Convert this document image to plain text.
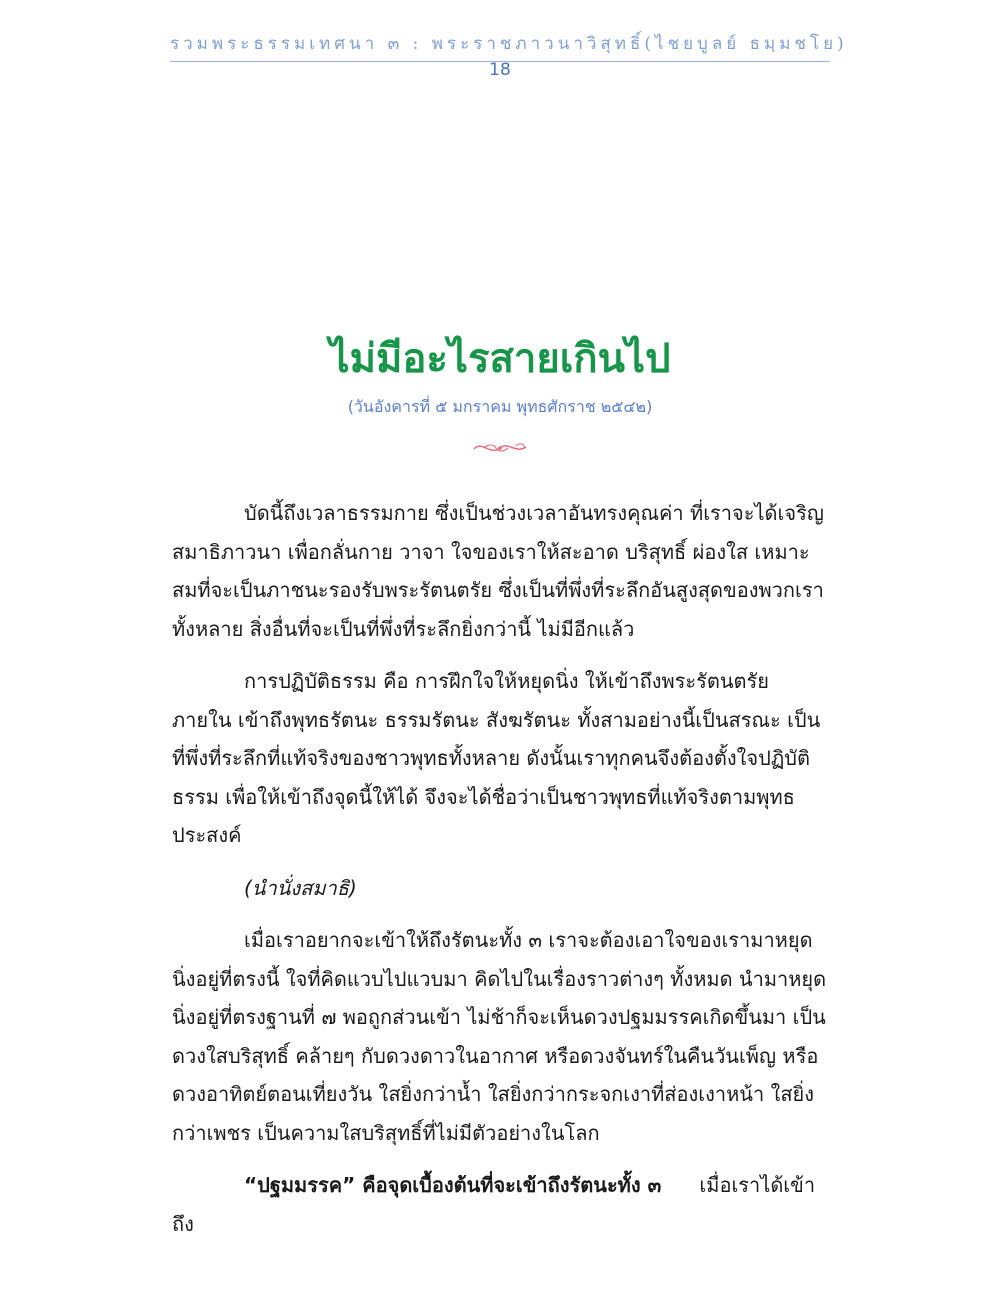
รวมพระธรรมเทศนา ๓ : พระราชภาวนาวิสุทธิ์(ไชยบูลย์ ธมฺมชโย)
18
ไม่มีอะไรสายเกินไป
(วันอังคารที่ ๕ มกราคม พุทธศักราช ๒๕๔๒)

บัดนี้ถึงเวลาธรรมกาย ซึ่งเป็นช่วงเวลาอันทรงคุณค่า ที่เราจะได้เจริญสมาธิภาวนา เพื่อกลั่นกาย วาจา ใจของเราให้สะอาด บริสุทธิ์ ผ่องใส เหมาะสมที่จะเป็นภาชนะรองรับพระรัตนตรัย ซึ่งเป็นที่พึ่งที่ระลึกอันสูงสุดของพวกเราทั้งหลาย สิ่งอื่นที่จะเป็นที่พึ่งที่ระลึกยิ่งกว่านี้ ไม่มีอีกแล้ว

การปฏิบัติธรรม คือ การฝึกใจให้หยุดนิ่ง ให้เข้าถึงพระรัตนตรัยภายใน เข้าถึงพุทธรัตนะ ธรรมรัตนะ สังฆรัตนะ ทั้งสามอย่างนี้เป็นสรณะ เป็นที่พึ่งที่ระลึกที่แท้จริงของชาวพุทธทั้งหลาย ดังนั้นเราทุกคนจึงต้องตั้งใจปฏิบัติธรรม เพื่อให้เข้าถึงจุดนี้ให้ได้ จึงจะได้ชื่อว่าเป็นชาวพุทธที่แท้จริงตามพุทธประสงค์

(นำนั่งสมาธิ)

เมื่อเราอยากจะเข้าให้ถึงรัตนะทั้ง ๓ เราจะต้องเอาใจของเรามาหยุดนิ่งอยู่ที่ตรงนี้ ใจที่คิดแวบไปแวบมา คิดไปในเรื่องราวต่างๆ ทั้งหมด นำมาหยุดนิ่งอยู่ที่ตรงฐานที่ ๗ พอถูกส่วนเข้า ไม่ช้าก็จะเห็นดวงปฐมมรรคเกิดขึ้นมา เป็นดวงใสบริสุทธิ์ คล้ายๆ กับดวงดาวในอากาศ หรือดวงจันทร์ในคืนวันเพ็ญ หรือดวงอาทิตย์ตอนเที่ยงวัน ใสยิ่งกว่าน้ำ ใสยิ่งกว่ากระจกเงาที่ส่องเงาหน้า ใสยิ่งกว่าเพชร เป็นความใสบริสุทธิ์ที่ไม่มีตัวอย่างในโลก

“ปฐมมรรค” คือจุดเบื้องต้นที่จะเข้าถึงรัตนะทั้ง ๓ เมื่อเราได้เข้าถึง
